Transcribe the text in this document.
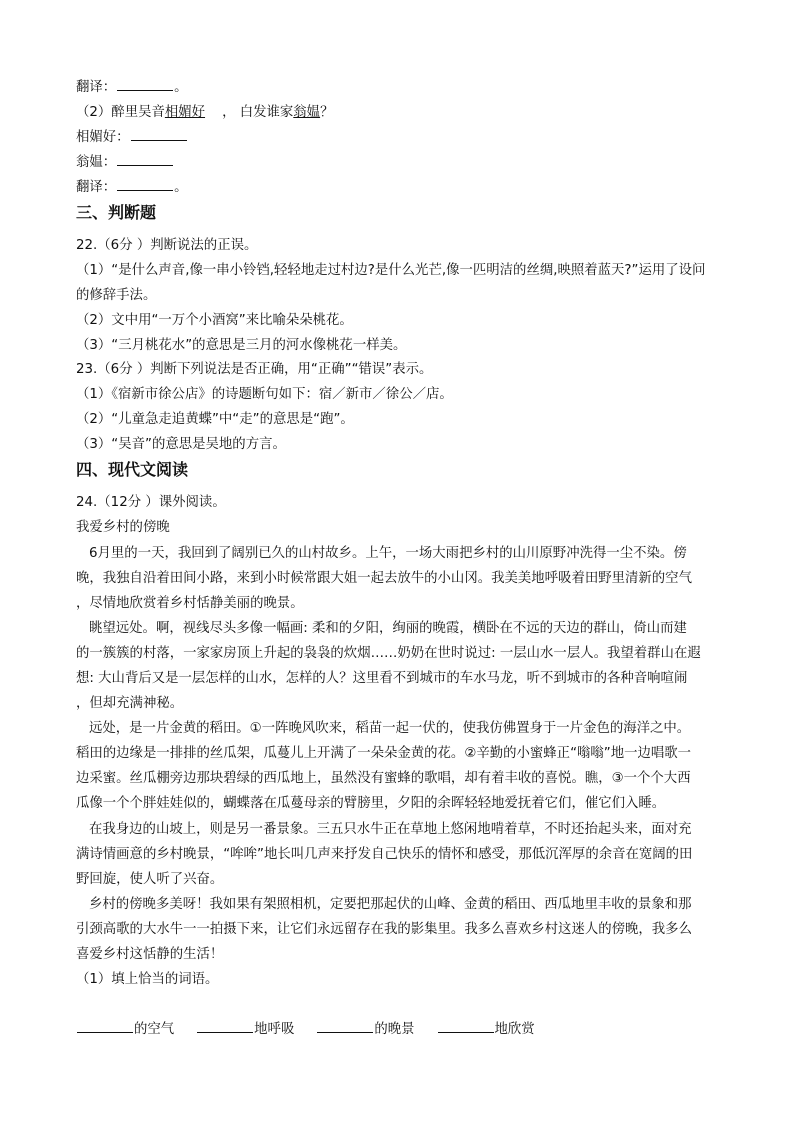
翻译：	。
（2）醉里吴音相媚好 ， 白发谁家翁媪？
相媚好：
翁媪：
翻译：	。
三、判断题
22.（6分 ）判断说法的正误。
（1）“是什么声音,像一串小铃铛,轻轻地走过村边?是什么光芒,像一匹明洁的丝绸,映照着蓝天?”运用了设问
的修辞手法。
（2）文中用“一万个小酒窝”来比喻朵朵桃花。
（3）“三月桃花水”的意思是三月的河水像桃花一样美。
23.（6分 ）判断下列说法是否正确，用“正确”“错误”表示。
（1）《宿新市徐公店》的诗题断句如下：宿／新市／徐公／店。
（2）“儿童急走追黄蝶”中“走”的意思是“跑”。
（3）“吴音”的意思是吴地的方言。
四、现代文阅读
24.（12分 ）课外阅读。
我爱乡村的傍晚
6月里的一天，我回到了阔别已久的山村故乡。上午，一场大雨把乡村的山川原野冲洗得一尘不染。傍
晚，我独自沿着田间小路，来到小时候常跟大姐一起去放牛的小山冈。我美美地呼吸着田野里清新的空气
，尽情地欣赏着乡村恬静美丽的晚景。
眺望远处。啊，视线尽头多像一幅画: 柔和的夕阳，绚丽的晚霞，横卧在不远的天边的群山，倚山而建
的一簇簇的村落，一家家房顶上升起的袅袅的炊烟……奶奶在世时说过: 一层山水一层人。我望着群山在遐
想: 大山背后又是一层怎样的山水，怎样的人？这里看不到城市的车水马龙，听不到城市的各种音响喧闹
，但却充满神秘。
远处，是一片金黄的稻田。①一阵晚风吹来，稻苗一起一伏的，使我仿佛置身于一片金色的海洋之中。
稻田的边缘是一排排的丝瓜架，瓜蔓儿上开满了一朵朵金黄的花。②辛勤的小蜜蜂正“嗡嗡”地一边唱歌一
边采蜜。丝瓜棚旁边那块碧绿的西瓜地上，虽然没有蜜蜂的歌唱，却有着丰收的喜悦。瞧，③一个个大西
瓜像一个个胖娃娃似的，蝴蝶落在瓜蔓母亲的臂膀里，夕阳的余晖轻轻地爱抚着它们，催它们入睡。
在我身边的山坡上，则是另一番景象。三五只水牛正在草地上悠闲地啃着草，不时还抬起头来，面对充
满诗情画意的乡村晚景，“哞哞”地长叫几声来抒发自己快乐的情怀和感受，那低沉浑厚的余音在宽阔的田
野回旋，使人听了兴奋。
乡村的傍晚多美呀！我如果有架照相机，定要把那起伏的山峰、金黄的稻田、西瓜地里丰收的景象和那
引颈高歌的大水牛一一拍摄下来，让它们永远留存在我的影集里。我多么喜欢乡村这迷人的傍晚，我多么
喜爱乡村这恬静的生活！
（1）填上恰当的词语。
的空气	地呼吸	的晚景	地欣赏
